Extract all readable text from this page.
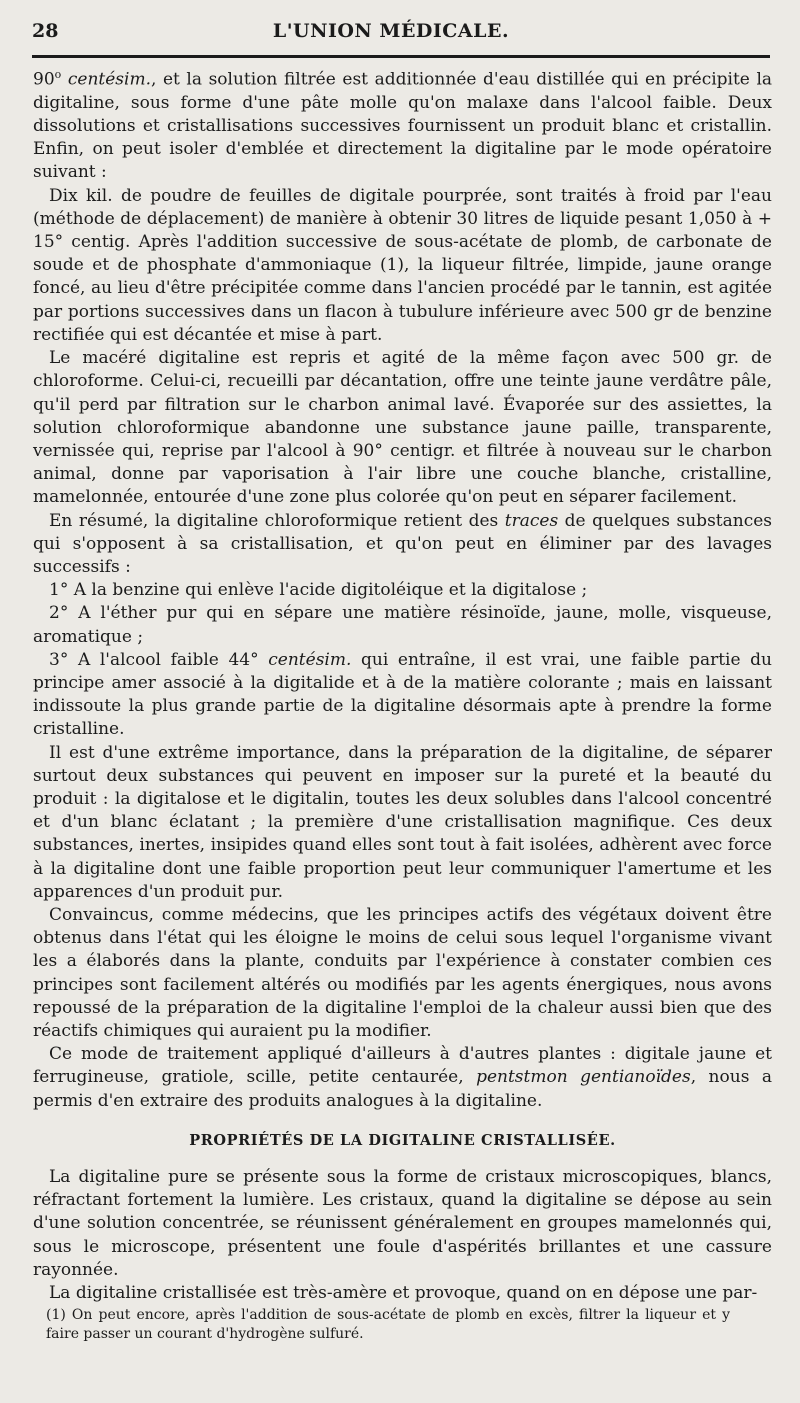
28	L'UNION MÉDICALE.

90$^o$ centésim., et la solution filtrée est additionnée d'eau distillée qui en précipite la digitaline, sous forme d'une pâte molle qu'on malaxe dans l'alcool faible. Deux dissolutions et cristallisations successives fournissent un produit blanc et cristallin. Enfin, on peut isoler d'emblée et directement la digitaline par le mode opératoire suivant :

Dix kil. de poudre de feuilles de digitale pourprée, sont traités à froid par l'eau (méthode de déplacement) de manière à obtenir 30 litres de liquide pesant 1,050 à + 15° centig. Après l'addition successive de sous-acétate de plomb, de carbonate de soude et de phosphate d'ammoniaque (1), la liqueur filtrée, limpide, jaune orange foncé, au lieu d'être précipitée comme dans l'ancien procédé par le tannin, est agitée par portions successives dans un flacon à tubulure inférieure avec 500 gr de benzine rectifiée qui est décantée et mise à part.

Le macéré digitaline est repris et agité de la même façon avec 500 gr. de chloroforme. Celui-ci, recueilli par décantation, offre une teinte jaune verdâtre pâle, qu'il perd par filtration sur le charbon animal lavé. Évaporée sur des assiettes, la solution chloroformique abandonne une substance jaune paille, transparente, vernissée qui, reprise par l'alcool à 90° centigr. et filtrée à nouveau sur le charbon animal, donne par vaporisation à l'air libre une couche blanche, cristalline, mamelonnée, entourée d'une zone plus colorée qu'on peut en séparer facilement.

En résumé, la digitaline chloroformique retient des traces de quelques substances qui s'opposent à sa cristallisation, et qu'on peut en éliminer par des lavages successifs :

1° A la benzine qui enlève l'acide digitoléique et la digitalose ;

2° A l'éther pur qui en sépare une matière résinoïde, jaune, molle, visqueuse, aromatique ;

3° A l'alcool faible 44° centésim. qui entraîne, il est vrai, une faible partie du principe amer associé à la digitalide et à de la matière colorante ; mais en laissant indissoute la plus grande partie de la digitaline désormais apte à prendre la forme cristalline.

Il est d'une extrême importance, dans la préparation de la digitaline, de séparer surtout deux substances qui peuvent en imposer sur la pureté et la beauté du produit : la digitalose et le digitalin, toutes les deux solubles dans l'alcool concentré et d'un blanc éclatant ; la première d'une cristallisation magnifique. Ces deux substances, inertes, insipides quand elles sont tout à fait isolées, adhèrent avec force à la digitaline dont une faible proportion peut leur communiquer l'amertume et les apparences d'un produit pur.

Convaincus, comme médecins, que les principes actifs des végétaux doivent être obtenus dans l'état qui les éloigne le moins de celui sous lequel l'organisme vivant les a élaborés dans la plante, conduits par l'expérience à constater combien ces principes sont facilement altérés ou modifiés par les agents énergiques, nous avons repoussé de la préparation de la digitaline l'emploi de la chaleur aussi bien que des réactifs chimiques qui auraient pu la modifier.

Ce mode de traitement appliqué d'ailleurs à d'autres plantes : digitale jaune et ferrugineuse, gratiole, scille, petite centaurée, pentstmon gentianoïdes, nous a permis d'en extraire des produits analogues à la digitaline.

PROPRIÉTÉS DE LA DIGITALINE CRISTALLISÉE.

La digitaline pure se présente sous la forme de cristaux microscopiques, blancs, réfractant fortement la lumière. Les cristaux, quand la digitaline se dépose au sein d'une solution concentrée, se réunissent généralement en groupes mamelonnés qui, sous le microscope, présentent une foule d'aspérités brillantes et une cassure rayonnée.

La digitaline cristallisée est très-amère et provoque, quand on en dépose une par-

(1) On peut encore, après l'addition de sous-acétate de plomb en excès, filtrer la liqueur et y faire passer un courant d'hydrogène sulfuré.
